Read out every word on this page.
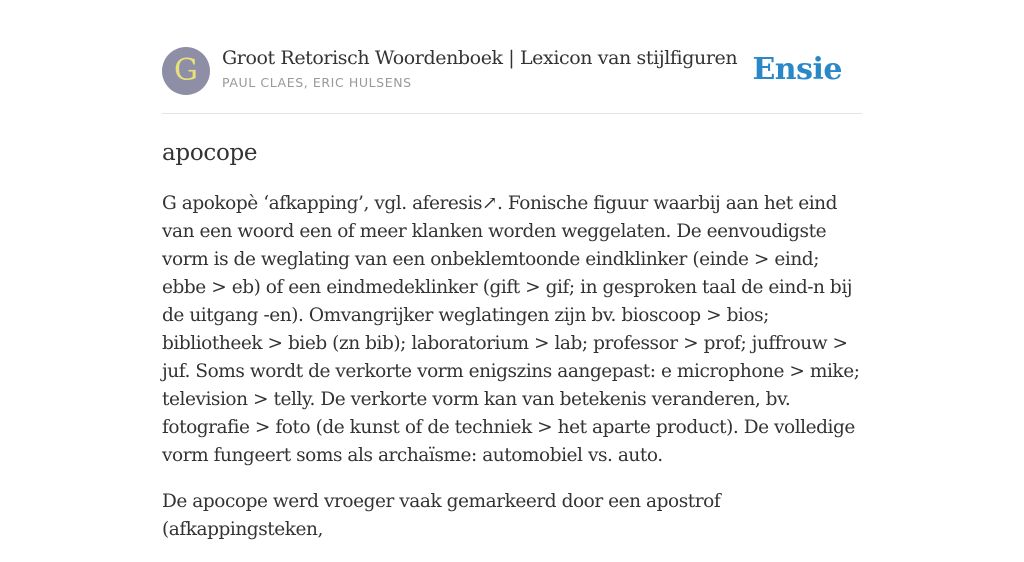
G	Groot Retorisch Woordenboek | Lexicon van stijlfiguren
PAUL CLAES, ERIC HULSENS	Ensie
apocope

G apokopè ‘afkapping’, vgl. aferesis↗. Fonische figuur waarbij aan het eind van een woord een of meer klanken worden weggelaten. De eenvoudigste vorm is de weglating van een onbeklemtoonde eindklinker (einde > eind; ebbe > eb) of een eindmedeklinker (gift > gif; in gesproken taal de eind-n bij de uitgang -en). Omvangrijker weglatingen zijn bv. bioscoop > bios; bibliotheek > bieb (zn bib); laboratorium > lab; professor > prof; juffrouw > juf. Soms wordt de verkorte vorm enigszins aangepast: e microphone > mike; television > telly. De verkorte vorm kan van betekenis veranderen, bv. fotografie > foto (de kunst of de techniek > het aparte product). De volledige vorm fungeert soms als archaïsme: automobiel vs. auto.

De apocope werd vroeger vaak gemarkeerd door een apostrof (afkappingsteken,
